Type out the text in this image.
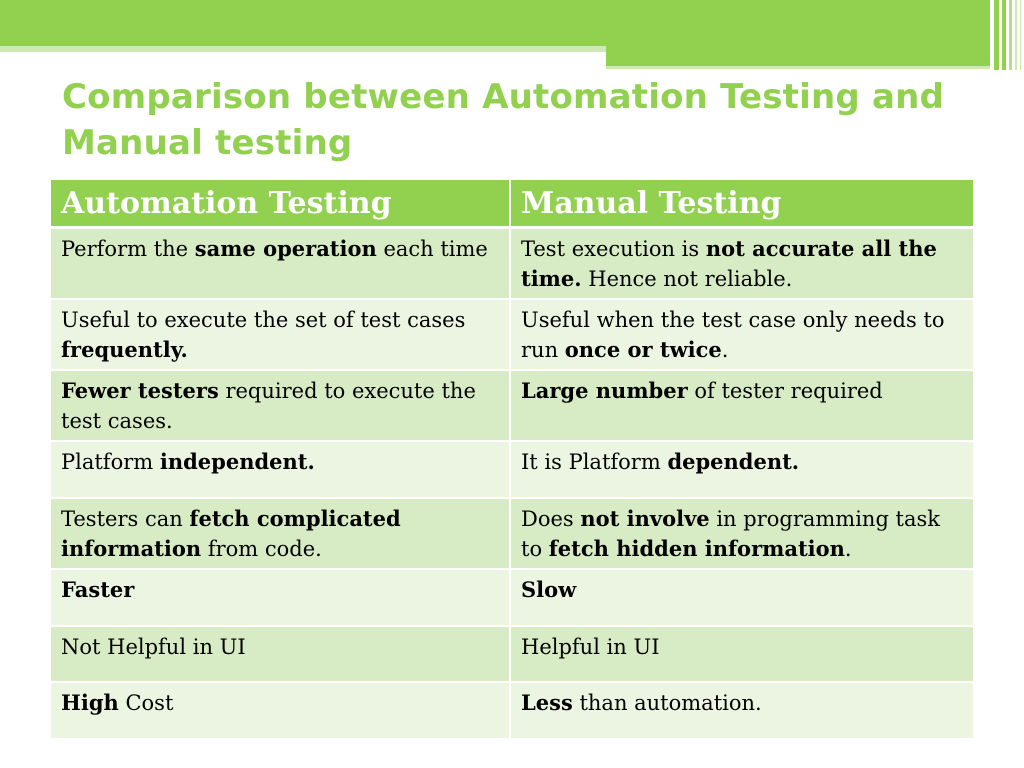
Comparison between Automation Testing and Manual testing
Automation Testing	Manual Testing
Perform the same operation each time	Test execution is not accurate all the time. Hence not reliable.
Useful to execute the set of test cases frequently.	Useful when the test case only needs to run once or twice.
Fewer testers required to execute the test cases.	Large number of tester required
Platform independent.	It is Platform dependent.
Testers can fetch complicated information from code.	Does not involve in programming task to fetch hidden information.
Faster	Slow
Not Helpful in UI	Helpful in UI
High Cost	Less than automation.
